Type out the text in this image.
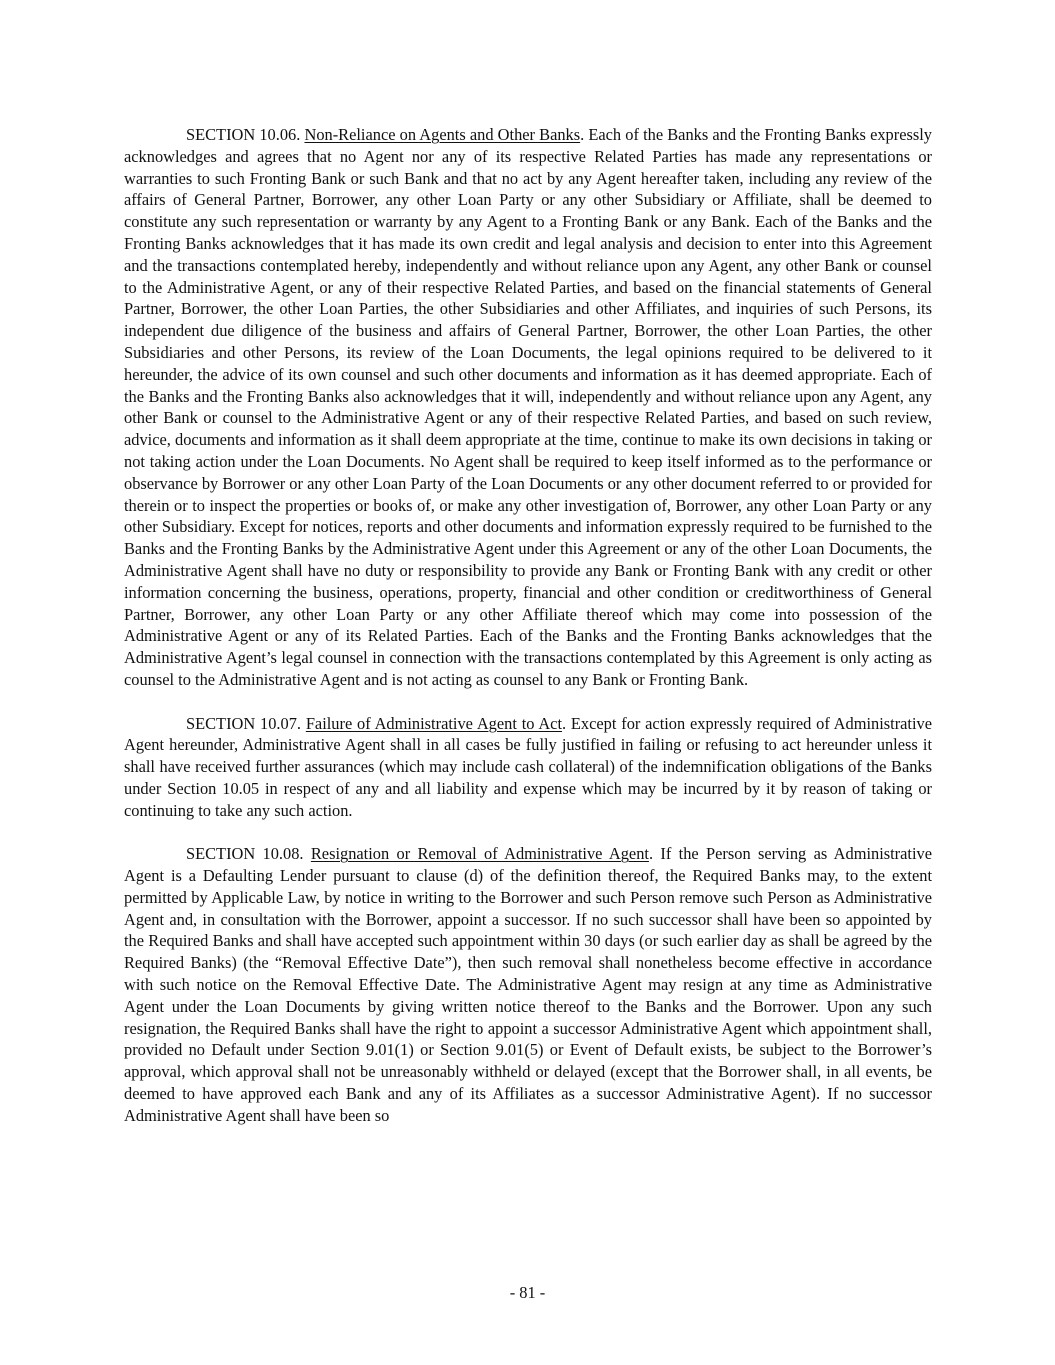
SECTION 10.06. Non-Reliance on Agents and Other Banks. Each of the Banks and the Fronting Banks expressly acknowledges and agrees that no Agent nor any of its respective Related Parties has made any representations or warranties to such Fronting Bank or such Bank and that no act by any Agent hereafter taken, including any review of the affairs of General Partner, Borrower, any other Loan Party or any other Subsidiary or Affiliate, shall be deemed to constitute any such representation or warranty by any Agent to a Fronting Bank or any Bank. Each of the Banks and the Fronting Banks acknowledges that it has made its own credit and legal analysis and decision to enter into this Agreement and the transactions contemplated hereby, independently and without reliance upon any Agent, any other Bank or counsel to the Administrative Agent, or any of their respective Related Parties, and based on the financial statements of General Partner, Borrower, the other Loan Parties, the other Subsidiaries and other Affiliates, and inquiries of such Persons, its independent due diligence of the business and affairs of General Partner, Borrower, the other Loan Parties, the other Subsidiaries and other Persons, its review of the Loan Documents, the legal opinions required to be delivered to it hereunder, the advice of its own counsel and such other documents and information as it has deemed appropriate. Each of the Banks and the Fronting Banks also acknowledges that it will, independently and without reliance upon any Agent, any other Bank or counsel to the Administrative Agent or any of their respective Related Parties, and based on such review, advice, documents and information as it shall deem appropriate at the time, continue to make its own decisions in taking or not taking action under the Loan Documents. No Agent shall be required to keep itself informed as to the performance or observance by Borrower or any other Loan Party of the Loan Documents or any other document referred to or provided for therein or to inspect the properties or books of, or make any other investigation of, Borrower, any other Loan Party or any other Subsidiary. Except for notices, reports and other documents and information expressly required to be furnished to the Banks and the Fronting Banks by the Administrative Agent under this Agreement or any of the other Loan Documents, the Administrative Agent shall have no duty or responsibility to provide any Bank or Fronting Bank with any credit or other information concerning the business, operations, property, financial and other condition or creditworthiness of General Partner, Borrower, any other Loan Party or any other Affiliate thereof which may come into possession of the Administrative Agent or any of its Related Parties. Each of the Banks and the Fronting Banks acknowledges that the Administrative Agent’s legal counsel in connection with the transactions contemplated by this Agreement is only acting as counsel to the Administrative Agent and is not acting as counsel to any Bank or Fronting Bank.

SECTION 10.07. Failure of Administrative Agent to Act. Except for action expressly required of Administrative Agent hereunder, Administrative Agent shall in all cases be fully justified in failing or refusing to act hereunder unless it shall have received further assurances (which may include cash collateral) of the indemnification obligations of the Banks under Section 10.05 in respect of any and all liability and expense which may be incurred by it by reason of taking or continuing to take any such action.

SECTION 10.08. Resignation or Removal of Administrative Agent. If the Person serving as Administrative Agent is a Defaulting Lender pursuant to clause (d) of the definition thereof, the Required Banks may, to the extent permitted by Applicable Law, by notice in writing to the Borrower and such Person remove such Person as Administrative Agent and, in consultation with the Borrower, appoint a successor. If no such successor shall have been so appointed by the Required Banks and shall have accepted such appointment within 30 days (or such earlier day as shall be agreed by the Required Banks) (the “Removal Effective Date”), then such removal shall nonetheless become effective in accordance with such notice on the Removal Effective Date. The Administrative Agent may resign at any time as Administrative Agent under the Loan Documents by giving written notice thereof to the Banks and the Borrower. Upon any such resignation, the Required Banks shall have the right to appoint a successor Administrative Agent which appointment shall, provided no Default under Section 9.01(1) or Section 9.01(5) or Event of Default exists, be subject to the Borrower’s approval, which approval shall not be unreasonably withheld or delayed (except that the Borrower shall, in all events, be deemed to have approved each Bank and any of its Affiliates as a successor Administrative Agent). If no successor Administrative Agent shall have been so

- 81 -
